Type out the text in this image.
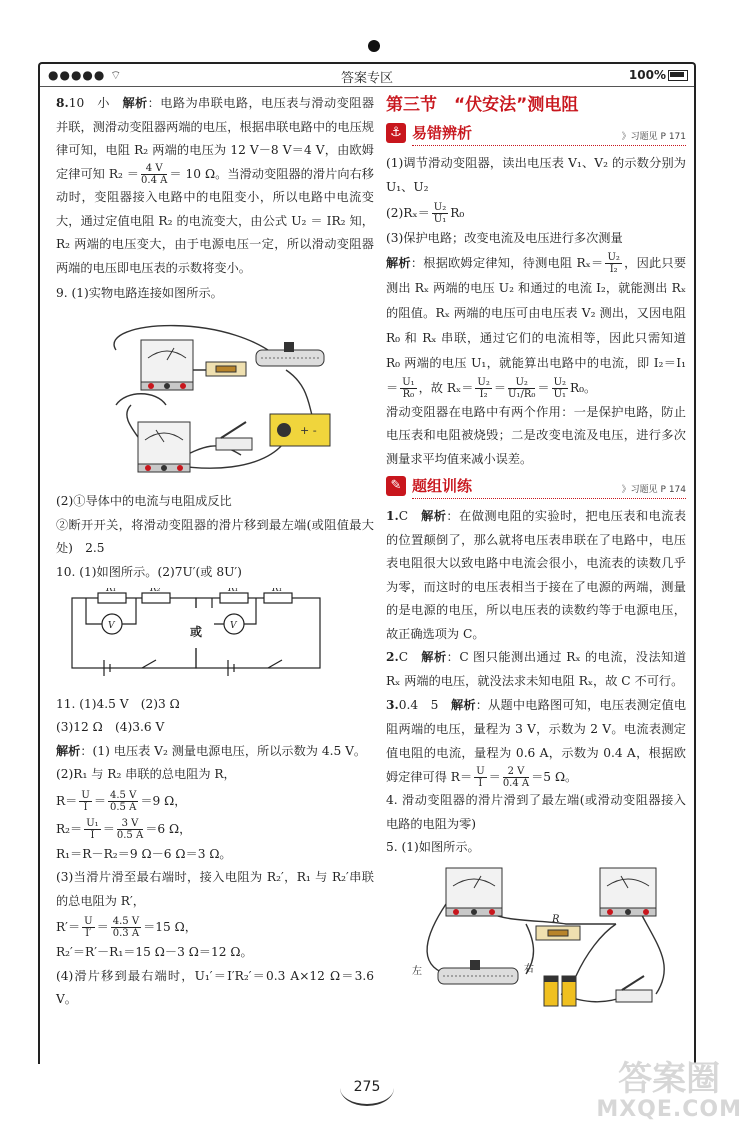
●●●●● ⌔	答案专区	100%

8.10　小　解析：电路为串联电路，电压表与滑动变阻器并联，测滑动变阻器两端的电压，根据串联电路中的电压规律可知，电阻 R₂ 两端的电压为 12 V－8 V＝4 V，由欧姆定律可知 $R_2 = \frac{4 V}{0.4 A} = 10$ Ω。当滑动变阻器的滑片向右移动时，变阻器接入电路中的电阻变小，所以电路中电流变大，通过定值电阻 R₂ 的电流变大，由公式 U₂ ＝ IR₂ 知，R₂ 两端的电压变大，由于电源电压一定，所以滑动变阻器两端的电压即电压表的示数将变小。

9. (1)实物电路连接如图所示。

+ -

(2)①导体中的电流与电阻成反比

②断开开关，将滑动变阻器的滑片移到最左端(或阻值最大处)　2.5

10. (1)如图所示。(2)7U′(或 8U′)

或
R₁	R₂
V
R₁	R₁
V

11. (1)4.5 V　(2)3 Ω

(3)12 Ω　(4)3.6 V

解析：(1) 电压表 V₂ 测量电源电压，所以示数为 4.5 V。

(2)R₁ 与 R₂ 串联的总电阻为 R，

$R= \frac{U}{I} = \frac{4.5 V}{0.5 A} =9$ Ω，

$R_2= \frac{\text{U₁}}{I} = \frac{3 V}{0.5 A} =6$ Ω，

R₁＝R－R₂＝9 Ω－6 Ω＝3 Ω。

(3)当滑片滑至最右端时，接入电阻为 R₂′，R₁ 与 R₂′串联的总电阻为 R′，

$R'= \frac{U}{I'} = \frac{4.5 V}{0.3 A} =15$ Ω，

R₂′＝R′－R₁＝15 Ω－3 Ω＝12 Ω。

(4)滑片移到最右端时，U₁′＝I′R₂′＝0.3 A×12 Ω＝3.6 V。

第三节　“伏安法”测电阻
⚓ 易错辨析	》习题见 P 171

(1)调节滑动变阻器，读出电压表 V₁、V₂ 的示数分别为 U₁、U₂

$(2)R_x= \frac{\text{U₂}}{\text{U₁}} R_0$

(3)保护电路；改变电流及电压进行多次测量

解析：根据欧姆定律知，待测电阻 $R_x= \frac{\text{U₂}}{\text{I₂}}$ ，因此只要测出 Rₓ 两端的电压 U₂ 和通过的电流 I₂，就能测出 Rₓ 的阻值。Rₓ 两端的电压可由电压表 V₂ 测出，又因电阻 R₀ 和 Rₓ 串联，通过它们的电流相等，因此只需知道 R₀ 两端的电压 U₁，就能算出电路中的电流，即 $I_2=I_1= \frac{\text{U₁}}{\text{R₀}}$ ，故 $R_x= \frac{\text{U₂}}{\text{I₂}} = \frac{\text{U₂}}{\text{U₁/R₀}} = \frac{\text{U₂}}{\text{U₁}} R_0$。

滑动变阻器在电路中有两个作用：一是保护电路，防止电压表和电阻被烧毁；二是改变电流及电压，进行多次测量求平均值来减小误差。

✎ 题组训练	》习题见 P 174

1.C　解析：在做测电阻的实验时，把电压表和电流表的位置颠倒了，那么就将电压表串联在了电路中，电压表电阻很大以致电路中电流会很小，电流表的读数几乎为零，而这时的电压表相当于接在了电源的两端，测量的是电源的电压，所以电压表的读数约等于电源电压，故正确选项为 C。

2.C　解析：C 图只能测出通过 Rₓ 的电流，没法知道 Rₓ 两端的电压，就没法求未知电阻 Rₓ，故 C 不可行。

3.0.4　5　解析：从题中电路图可知，电压表测定值电阻两端的电压，量程为 3 V，示数为 2 V。电流表测定值电阻的电流，量程为 0.6 A，示数为 0.4 A，根据欧姆定律可得 $R= \frac{U}{I} = \frac{2 V}{0.4 A} =5$ Ω。

4. 滑动变阻器的滑片滑到了最左端(或滑动变阻器接入电路的电阻为零)

5. (1)如图所示。

R
左	右
275	答案圈
MXQE.COM
